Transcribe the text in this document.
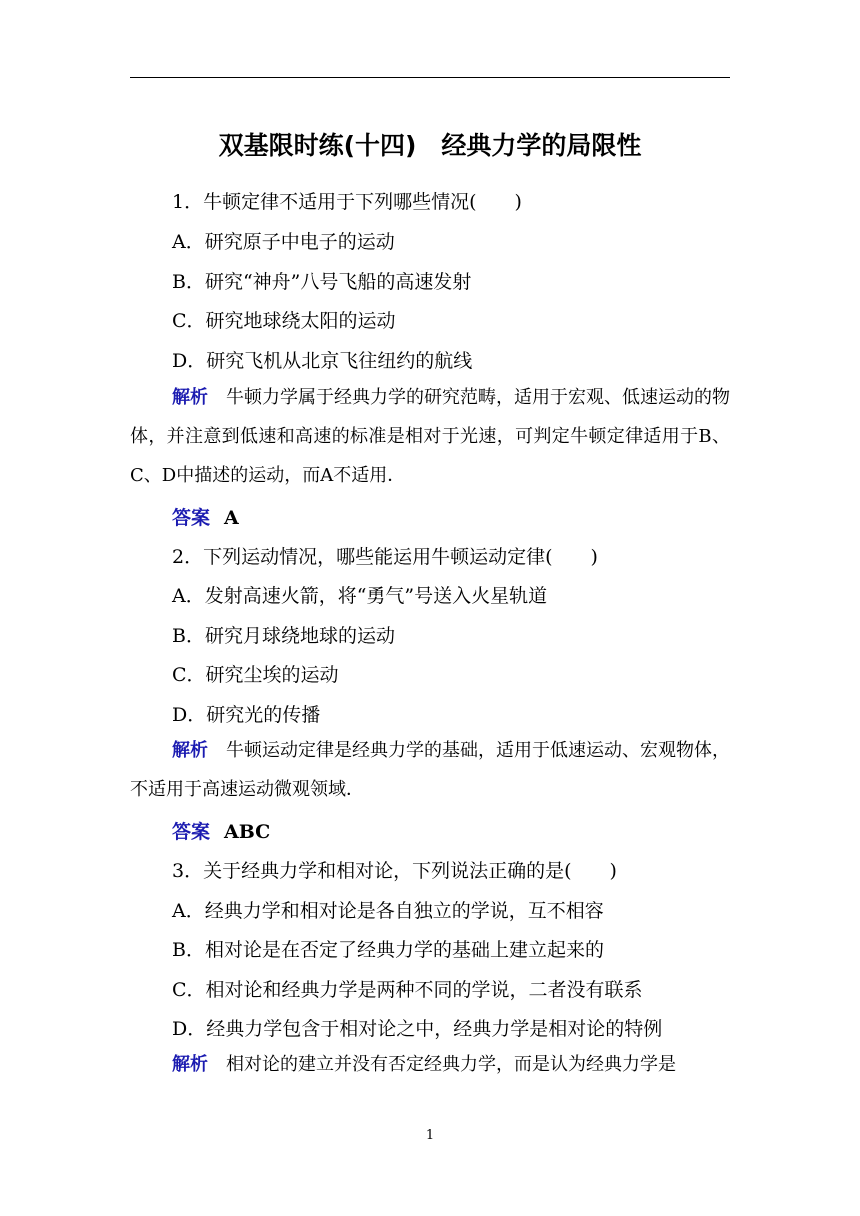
双基限时练(十四)　经典力学的局限性
1．牛顿定律不适用于下列哪些情况(　　)
A．研究原子中电子的运动
B．研究“神舟”八号飞船的高速发射
C．研究地球绕太阳的运动
D．研究飞机从北京飞往纽约的航线
解析　 牛顿力学属于经典力学的研究范畴，适用于宏观、低速运动的物体，并注意到低速和高速的标准是相对于光速，可判定牛顿定律适用于B、C、D中描述的运动，而A不适用．
答案 A
2．下列运动情况，哪些能运用牛顿运动定律(　　)
A．发射高速火箭，将“勇气”号送入火星轨道
B．研究月球绕地球的运动
C．研究尘埃的运动
D．研究光的传播
解析　 牛顿运动定律是经典力学的基础，适用于低速运动、宏观物体，不适用于高速运动微观领域．
答案 ABC
3．关于经典力学和相对论，下列说法正确的是(　　)
A．经典力学和相对论是各自独立的学说，互不相容
B．相对论是在否定了经典力学的基础上建立起来的
C．相对论和经典力学是两种不同的学说，二者没有联系
D．经典力学包含于相对论之中，经典力学是相对论的特例
解析　 相对论的建立并没有否定经典力学，而是认为经典力学是
1
